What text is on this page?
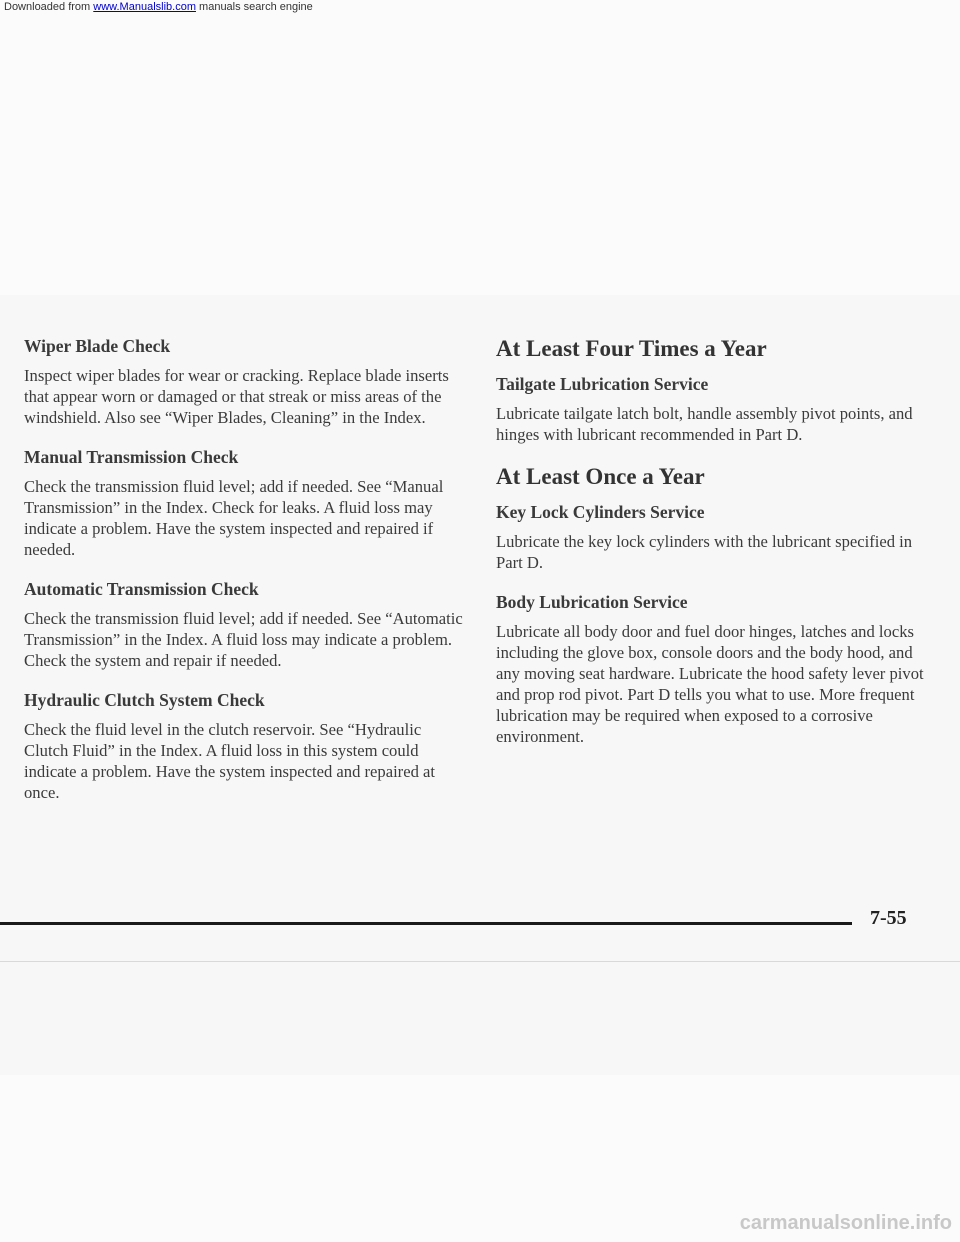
Downloaded from www.Manualslib.com manuals search engine
Wiper Blade Check

Inspect wiper blades for wear or cracking. Replace blade inserts that appear worn or damaged or that streak or miss areas of the windshield. Also see “Wiper Blades, Cleaning” in the Index.

Manual Transmission Check

Check the transmission fluid level; add if needed. See “Manual Transmission” in the Index. Check for leaks. A fluid loss may indicate a problem. Have the system inspected and repaired if needed.

Automatic Transmission Check

Check the transmission fluid level; add if needed. See “Automatic Transmission” in the Index. A fluid loss may indicate a problem. Check the system and repair if needed.

Hydraulic Clutch System Check

Check the fluid level in the clutch reservoir. See “Hydraulic Clutch Fluid” in the Index. A fluid loss in this system could indicate a problem. Have the system inspected and repaired at once.

At Least Four Times a Year
Tailgate Lubrication Service

Lubricate tailgate latch bolt, handle assembly pivot points, and hinges with lubricant recommended in Part D.

At Least Once a Year
Key Lock Cylinders Service

Lubricate the key lock cylinders with the lubricant specified in Part D.

Body Lubrication Service

Lubricate all body door and fuel door hinges, latches and locks including the glove box, console doors and the body hood, and any moving seat hardware. Lubricate the hood safety lever pivot and prop rod pivot. Part D tells you what to use. More frequent lubrication may be required when exposed to a corrosive environment.

7-55
carmanualsonline.info
